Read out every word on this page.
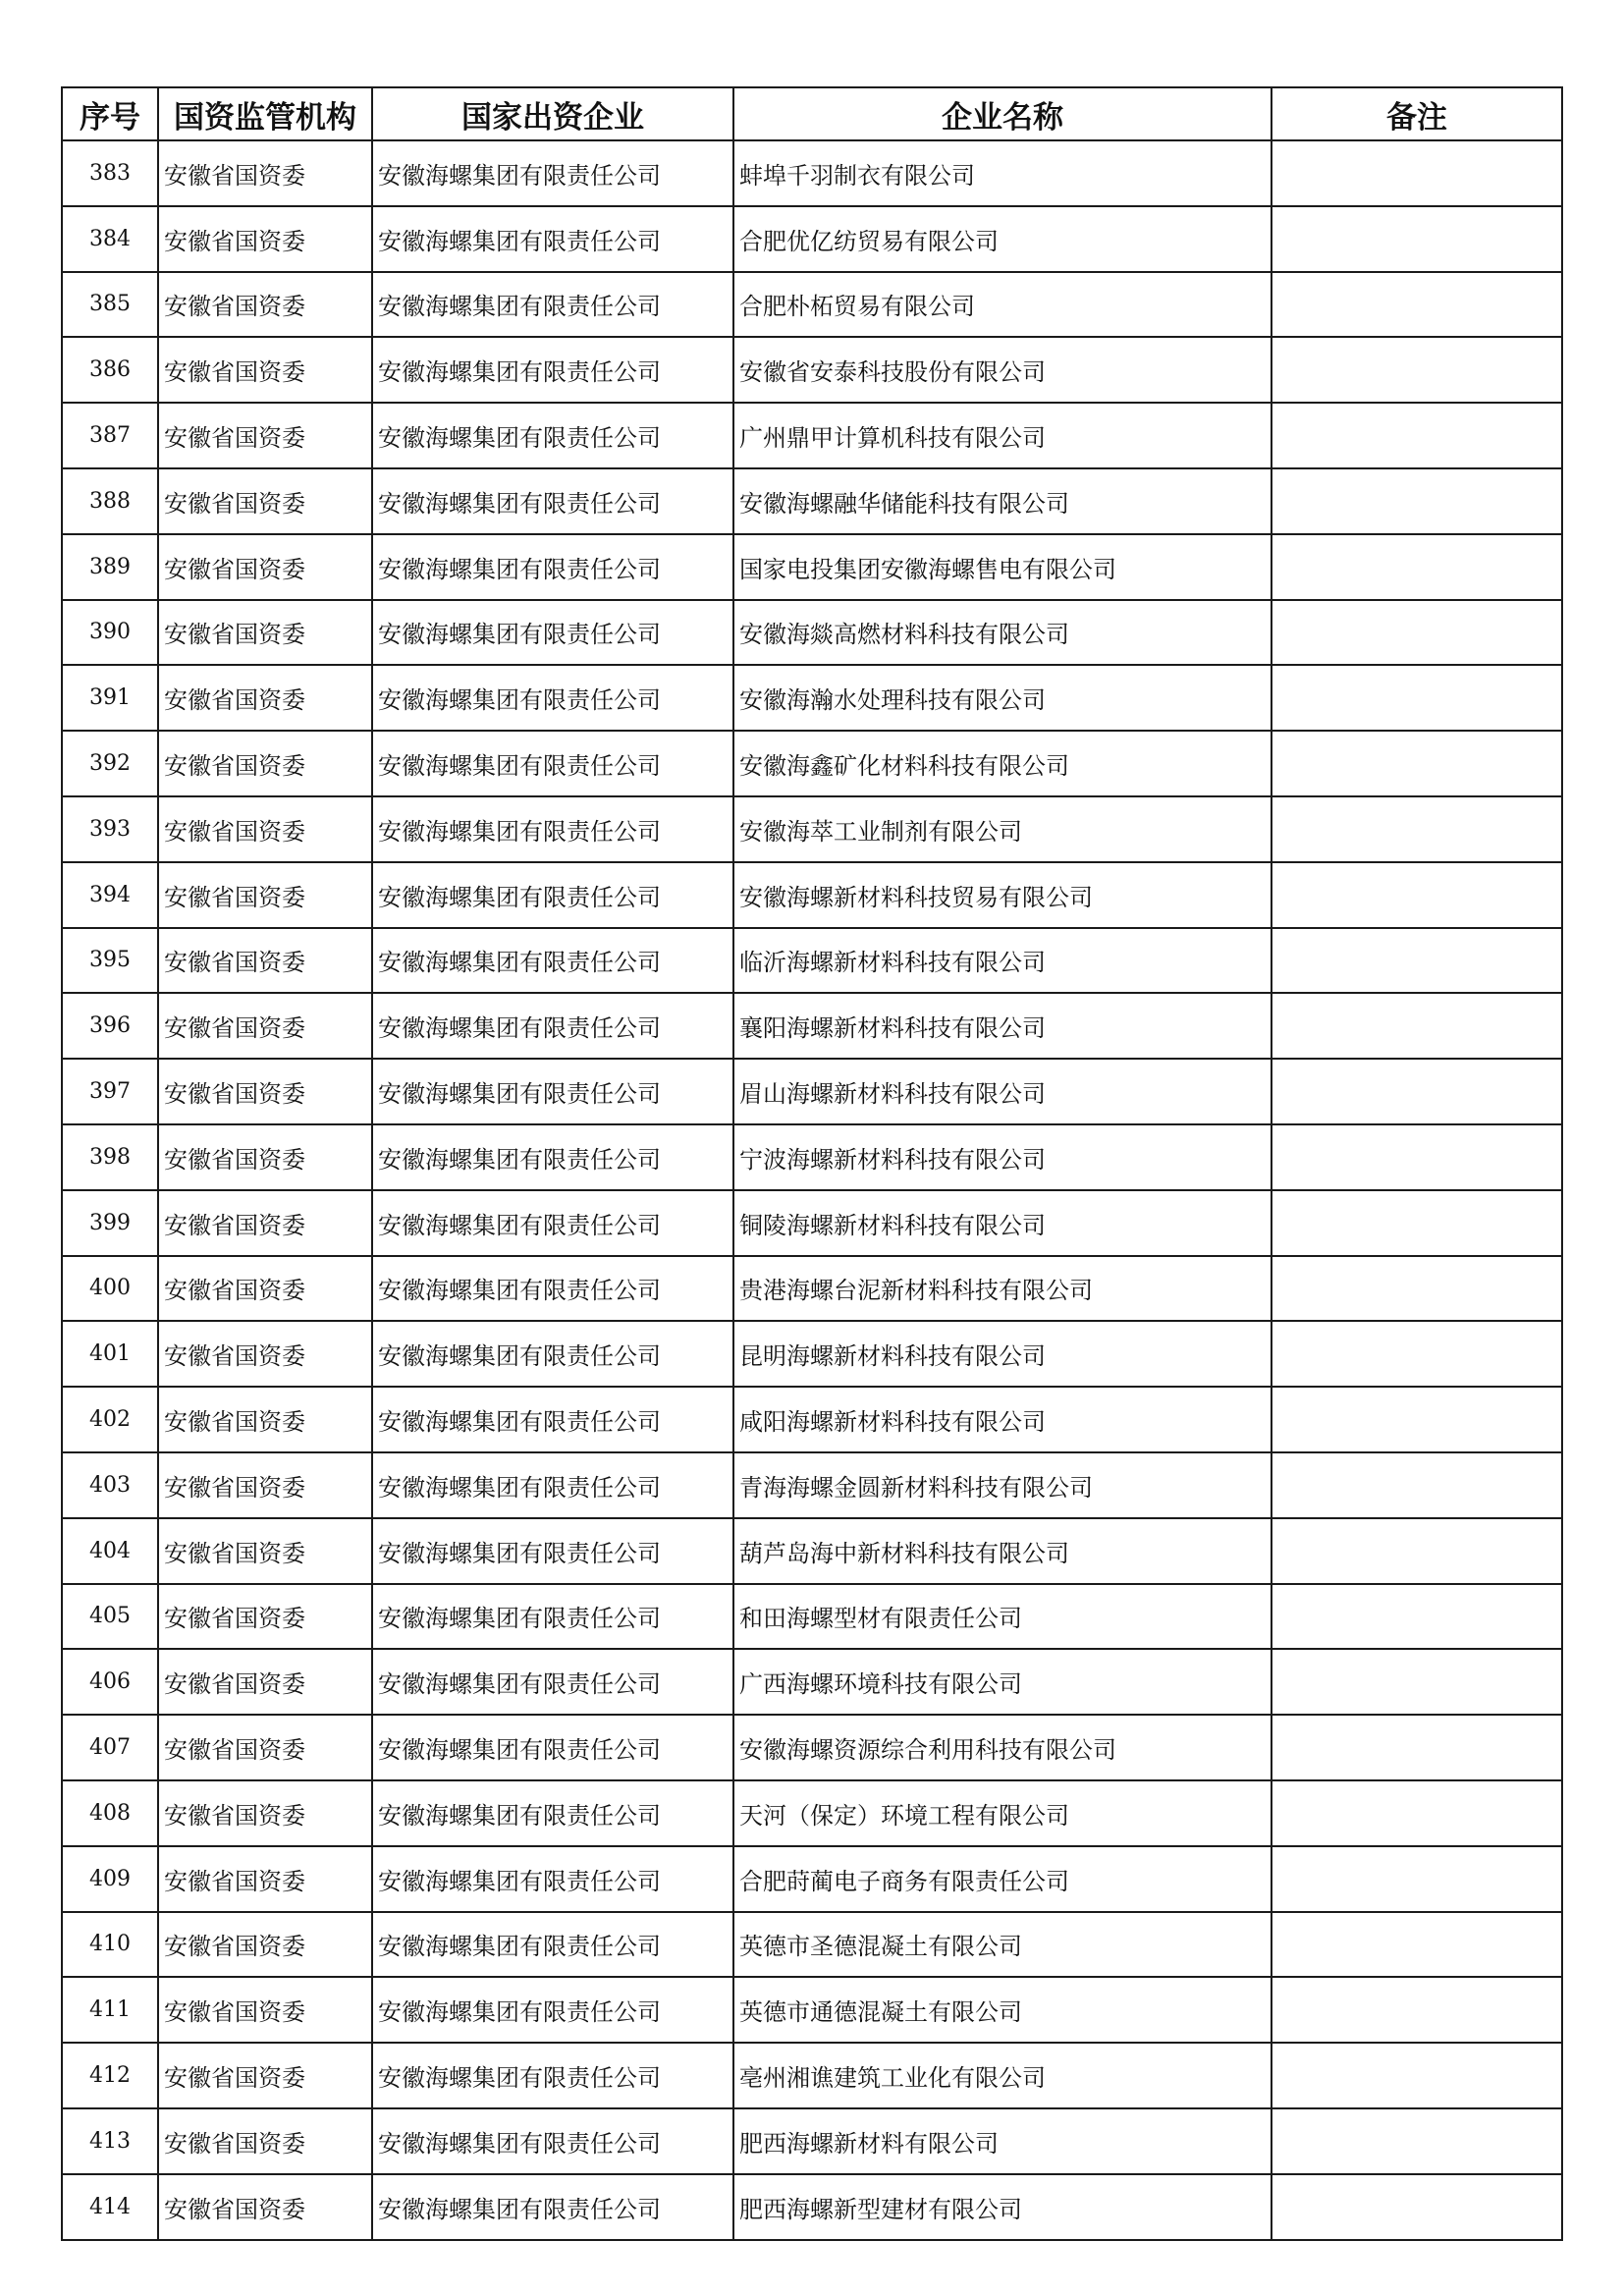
序号	国资监管机构	国家出资企业	企业名称	备注
383	安徽省国资委	安徽海螺集团有限责任公司	蚌埠千羽制衣有限公司	
384	安徽省国资委	安徽海螺集团有限责任公司	合肥优亿纺贸易有限公司	
385	安徽省国资委	安徽海螺集团有限责任公司	合肥朴柘贸易有限公司	
386	安徽省国资委	安徽海螺集团有限责任公司	安徽省安泰科技股份有限公司	
387	安徽省国资委	安徽海螺集团有限责任公司	广州鼎甲计算机科技有限公司	
388	安徽省国资委	安徽海螺集团有限责任公司	安徽海螺融华储能科技有限公司	
389	安徽省国资委	安徽海螺集团有限责任公司	国家电投集团安徽海螺售电有限公司	
390	安徽省国资委	安徽海螺集团有限责任公司	安徽海燚高燃材料科技有限公司	
391	安徽省国资委	安徽海螺集团有限责任公司	安徽海瀚水处理科技有限公司	
392	安徽省国资委	安徽海螺集团有限责任公司	安徽海鑫矿化材料科技有限公司	
393	安徽省国资委	安徽海螺集团有限责任公司	安徽海萃工业制剂有限公司	
394	安徽省国资委	安徽海螺集团有限责任公司	安徽海螺新材料科技贸易有限公司	
395	安徽省国资委	安徽海螺集团有限责任公司	临沂海螺新材料科技有限公司	
396	安徽省国资委	安徽海螺集团有限责任公司	襄阳海螺新材料科技有限公司	
397	安徽省国资委	安徽海螺集团有限责任公司	眉山海螺新材料科技有限公司	
398	安徽省国资委	安徽海螺集团有限责任公司	宁波海螺新材料科技有限公司	
399	安徽省国资委	安徽海螺集团有限责任公司	铜陵海螺新材料科技有限公司	
400	安徽省国资委	安徽海螺集团有限责任公司	贵港海螺台泥新材料科技有限公司	
401	安徽省国资委	安徽海螺集团有限责任公司	昆明海螺新材料科技有限公司	
402	安徽省国资委	安徽海螺集团有限责任公司	咸阳海螺新材料科技有限公司	
403	安徽省国资委	安徽海螺集团有限责任公司	青海海螺金圆新材料科技有限公司	
404	安徽省国资委	安徽海螺集团有限责任公司	葫芦岛海中新材料科技有限公司	
405	安徽省国资委	安徽海螺集团有限责任公司	和田海螺型材有限责任公司	
406	安徽省国资委	安徽海螺集团有限责任公司	广西海螺环境科技有限公司	
407	安徽省国资委	安徽海螺集团有限责任公司	安徽海螺资源综合利用科技有限公司	
408	安徽省国资委	安徽海螺集团有限责任公司	天河（保定）环境工程有限公司	
409	安徽省国资委	安徽海螺集团有限责任公司	合肥莳蔺电子商务有限责任公司	
410	安徽省国资委	安徽海螺集团有限责任公司	英德市圣德混凝土有限公司	
411	安徽省国资委	安徽海螺集团有限责任公司	英德市通德混凝土有限公司	
412	安徽省国资委	安徽海螺集团有限责任公司	亳州湘谯建筑工业化有限公司	
413	安徽省国资委	安徽海螺集团有限责任公司	肥西海螺新材料有限公司	
414	安徽省国资委	安徽海螺集团有限责任公司	肥西海螺新型建材有限公司	
